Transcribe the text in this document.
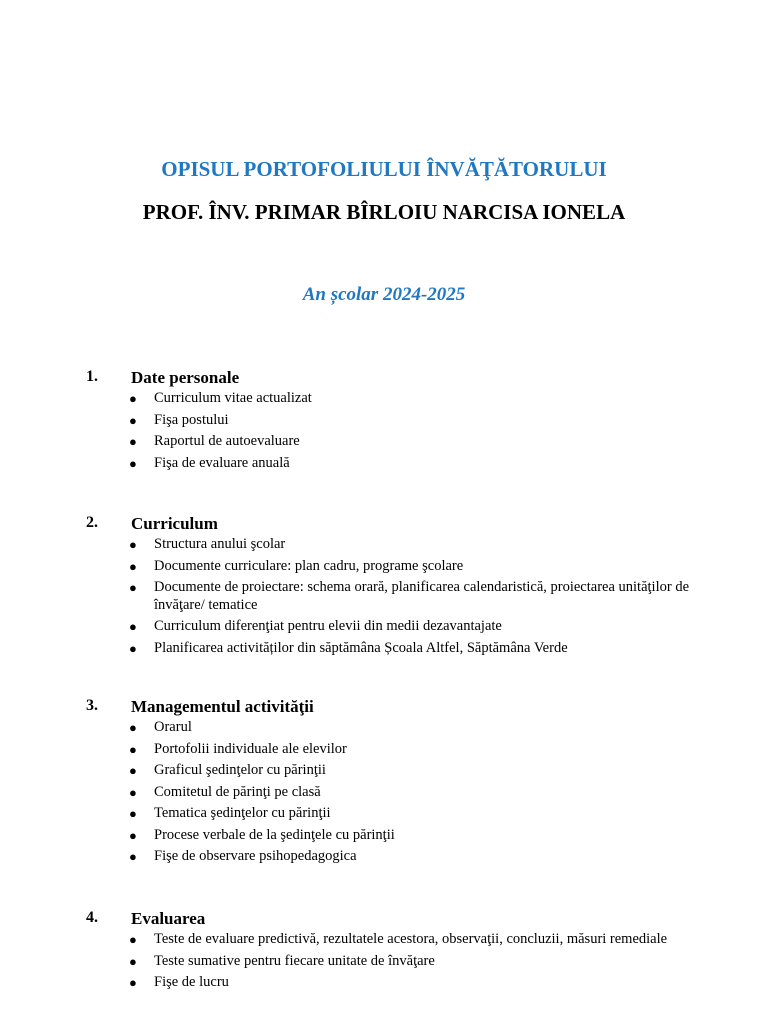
OPISUL PORTOFOLIULUI ÎNVĂŢĂTORULUI
PROF. ÎNV. PRIMAR BÎRLOIU NARCISA IONELA
An școlar 2024-2025
1. Date personale
● Curriculum vitae actualizat
● Fişa postului
● Raportul de autoevaluare
● Fişa de evaluare anuală
2. Curriculum
● Structura anului şcolar
● Documente curriculare: plan cadru, programe şcolare
● Documente de proiectare: schema orară, planificarea calendaristică, proiectarea unităţilor de învăţare/ tematice
● Curriculum diferenţiat pentru elevii din medii dezavantajate
● Planificarea activităților din săptămâna Școala Altfel, Săptămâna Verde
3. Managementul activităţii
● Orarul
● Portofolii individuale ale elevilor
● Graficul şedinţelor cu părinţii
● Comitetul de părinţi pe clasă
● Tematica şedinţelor cu părinţii
● Procese verbale de la şedinţele cu părinţii
● Fişe de observare psihopedagogica
4. Evaluarea
● Teste de evaluare predictivă, rezultatele acestora, observaţii, concluzii, măsuri remediale
● Teste sumative pentru fiecare unitate de învăţare
● Fişe de lucru
